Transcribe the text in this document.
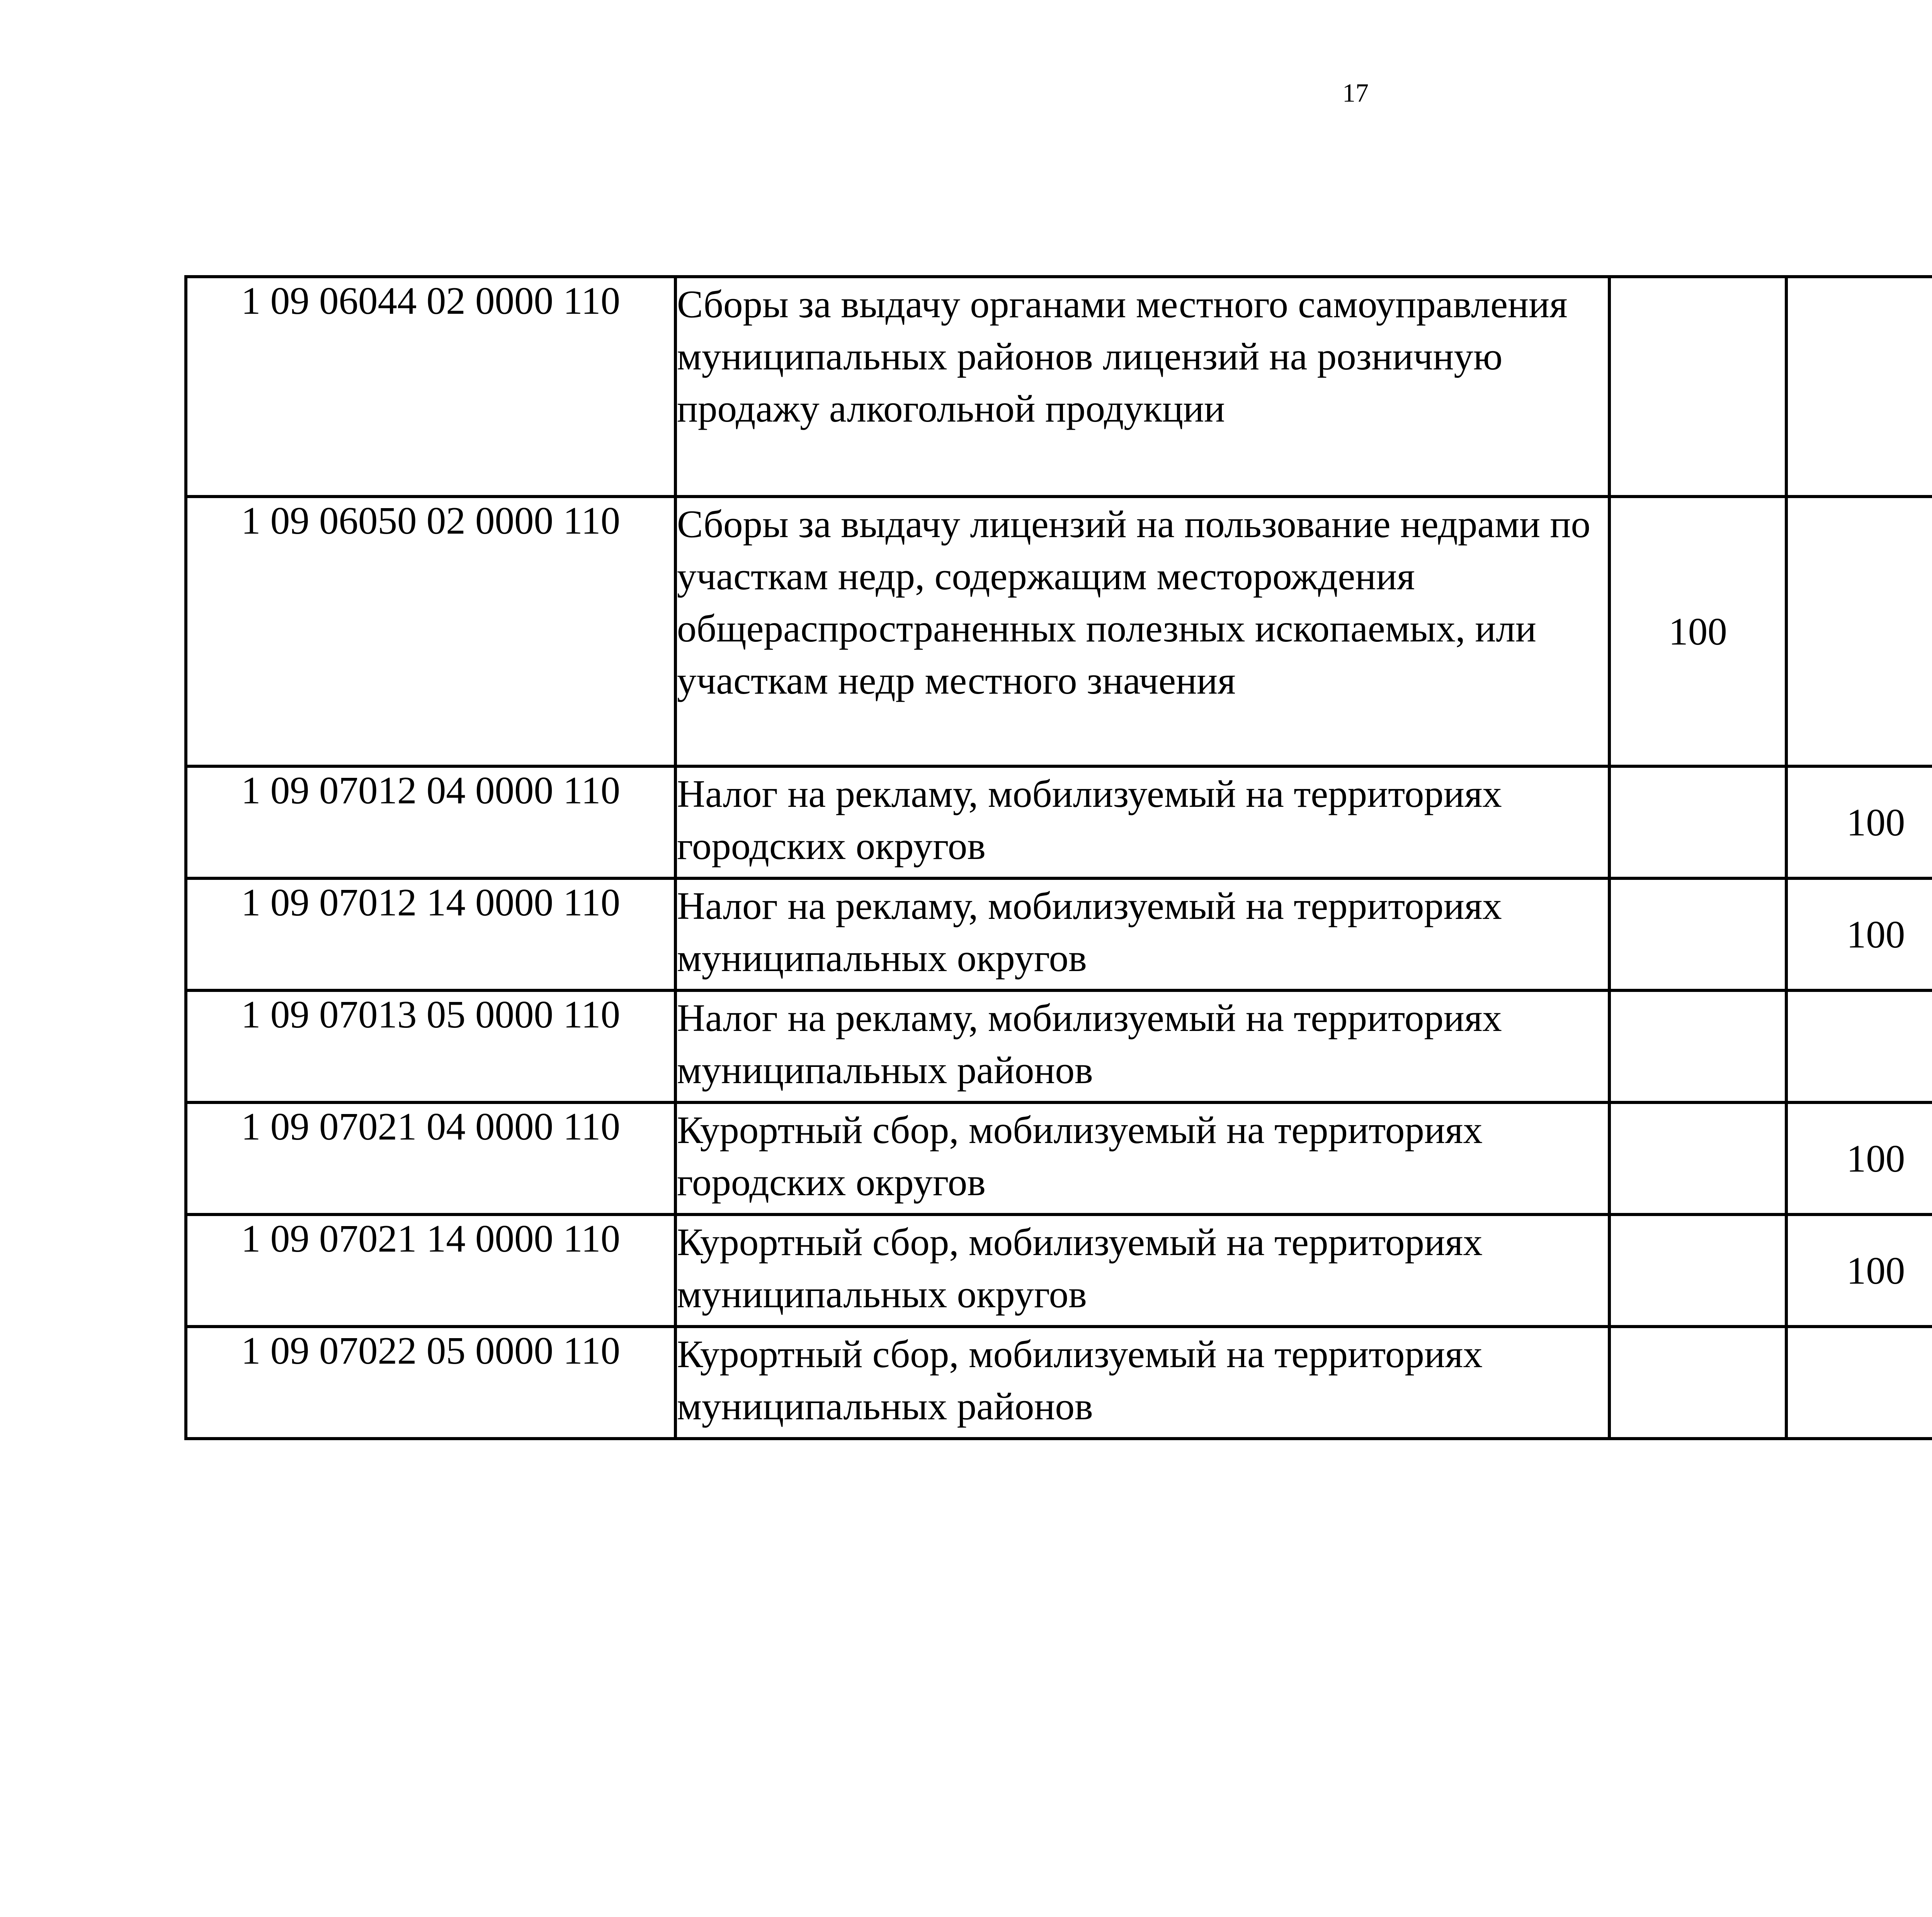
17
1 09 06044 02 0000 110	Сборы за выдачу органами местного самоуправления муниципальных районов лицензий на розничную продажу алкогольной продукции					
1 09 06050 02 0000 110	Сборы за выдачу лицензий на пользование недрами по участкам недр, содержащим месторождения общераспространенных полезных ископаемых, или участкам недр местного значения	100				
1 09 07012 04 0000 110	Налог на рекламу, мобилизуемый на территориях городских округов		100			
1 09 07012 14 0000 110	Налог на рекламу, мобилизуемый на территориях муниципальных округов		100			
1 09 07013 05 0000 110	Налог на рекламу, мобилизуемый на территориях муниципальных районов					
1 09 07021 04 0000 110	Курортный сбор, мобилизуемый на территориях городских округов		100			
1 09 07021 14 0000 110	Курортный сбор, мобилизуемый на территориях муниципальных округов		100			
1 09 07022 05 0000 110	Курортный сбор, мобилизуемый на территориях муниципальных районов					
